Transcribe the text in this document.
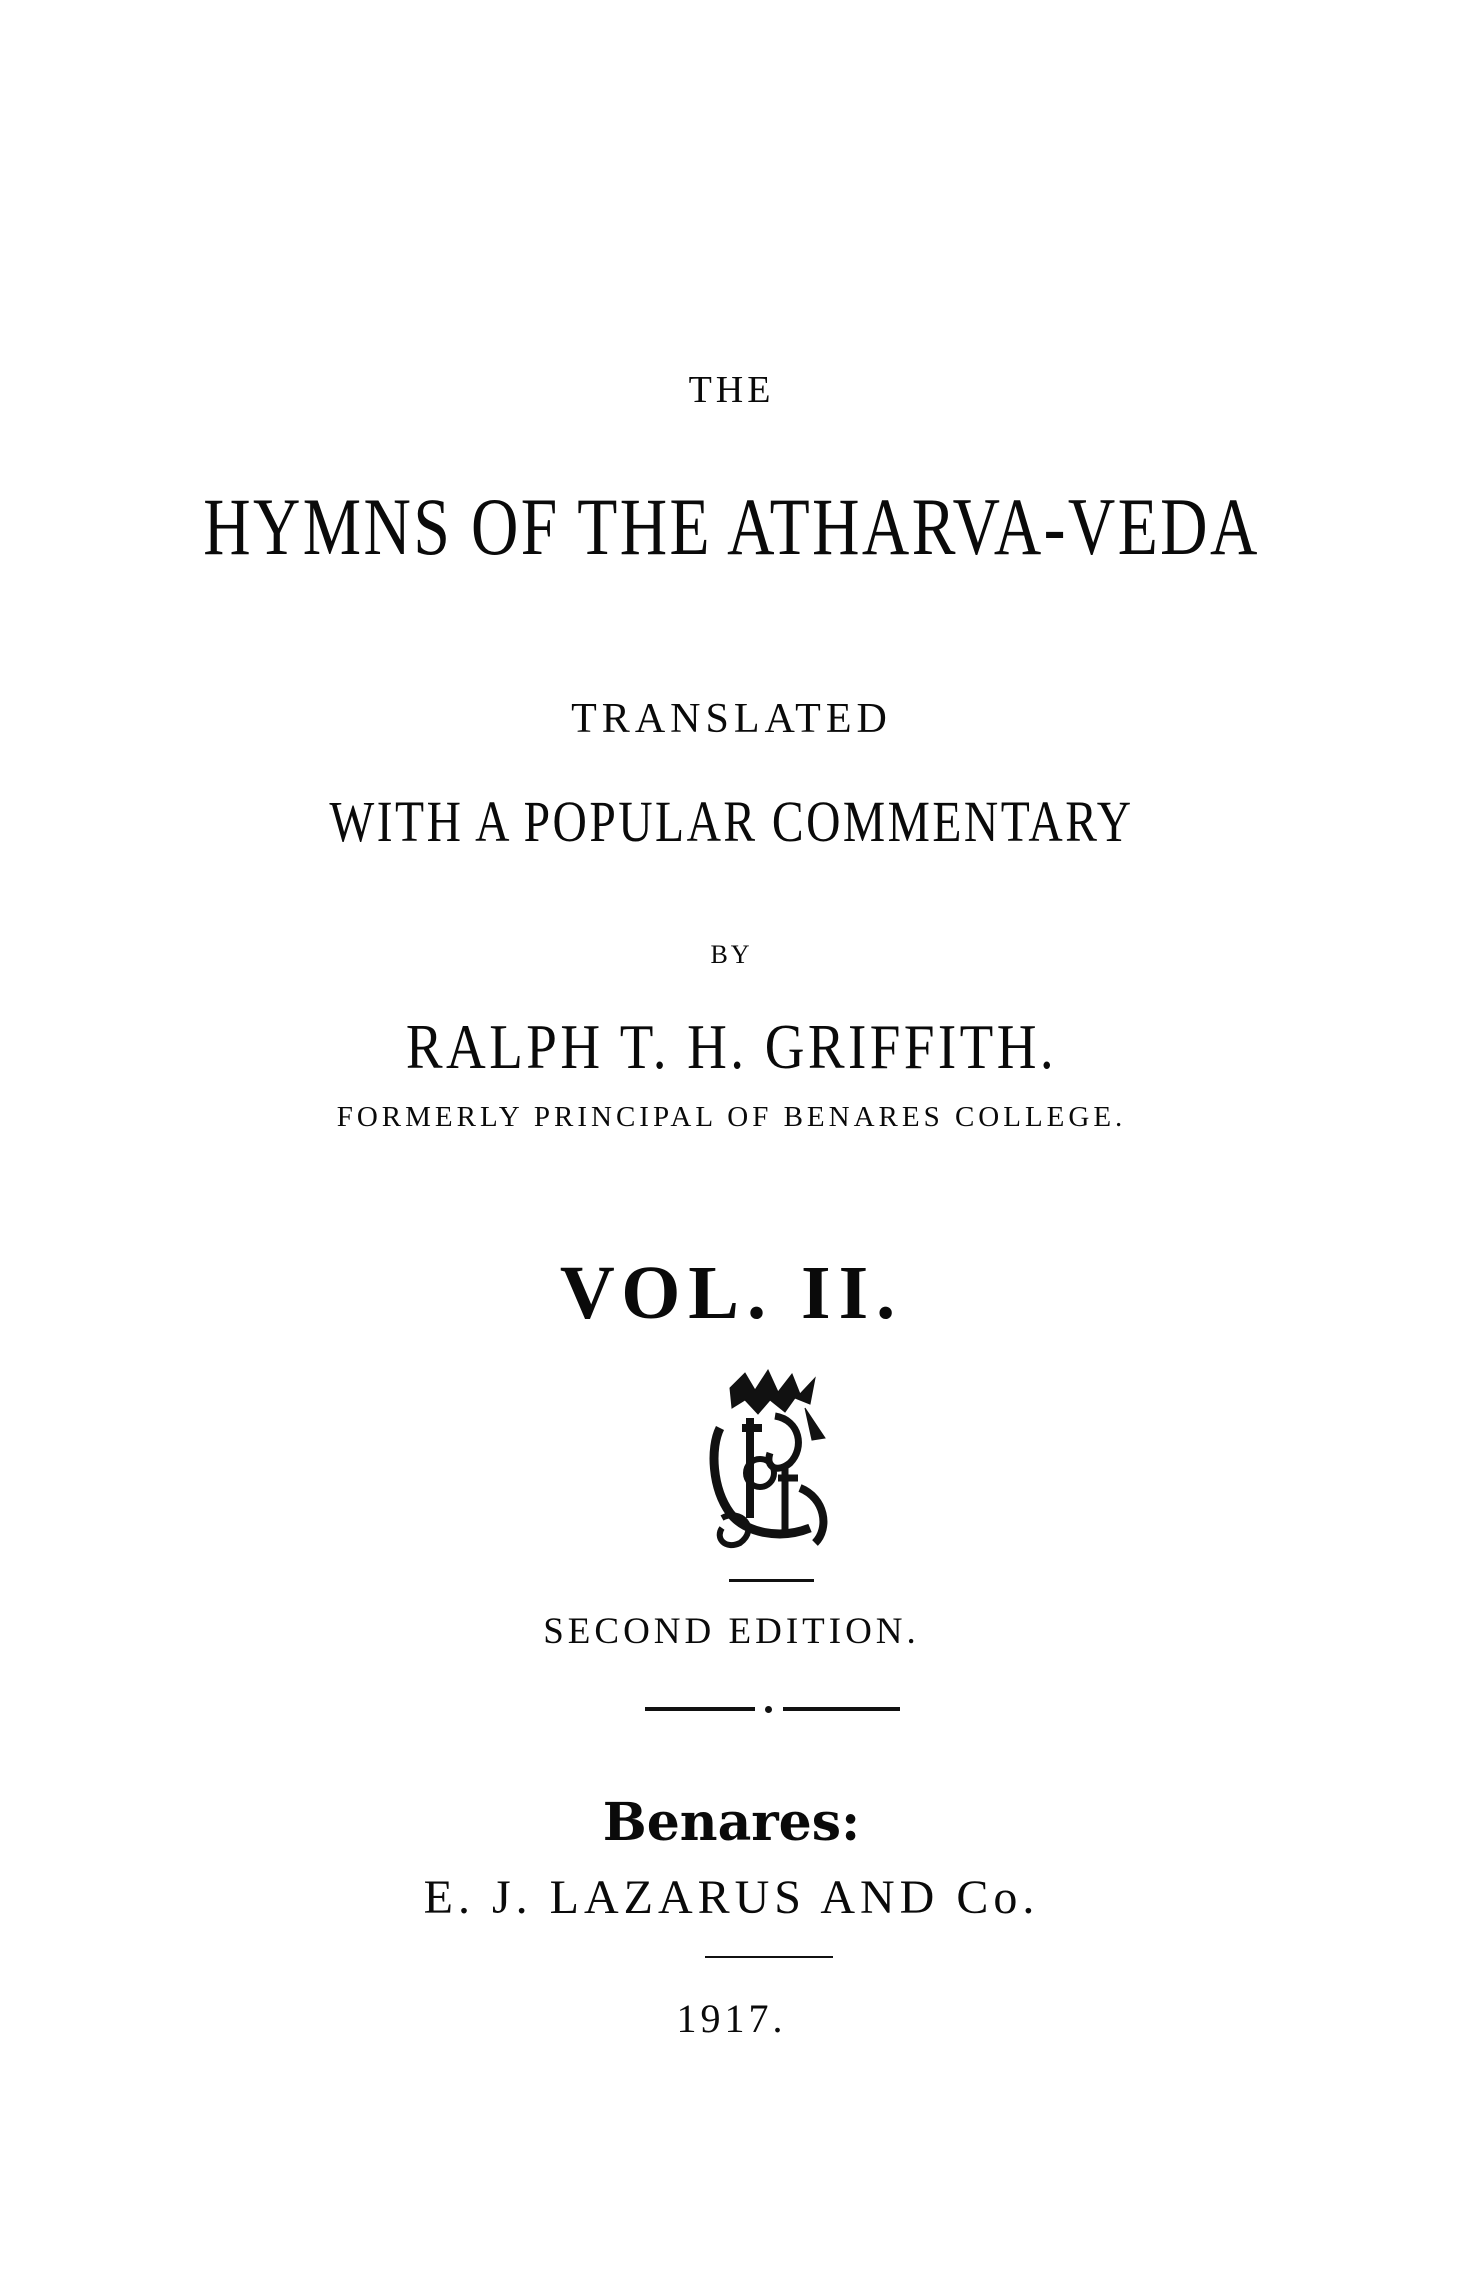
THE
HYMNS OF THE ATHARVA-VEDA
TRANSLATED
WITH A POPULAR COMMENTARY
BY
RALPH T. H. GRIFFITH.
FORMERLY PRINCIPAL OF BENARES COLLEGE.
VOL. II.
SECOND EDITION.
Benares:
E. J. LAZARUS AND Co.
1917.
